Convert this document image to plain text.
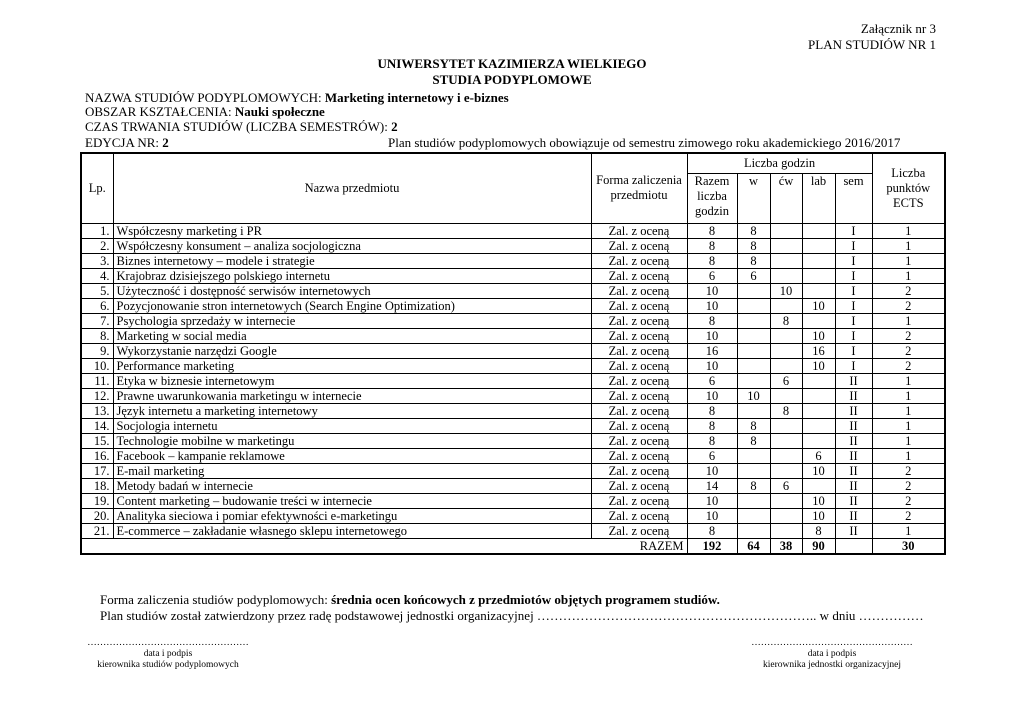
Załącznik nr 3
PLAN STUDIÓW NR 1
UNIWERSYTET KAZIMIERZA WIELKIEGO
STUDIA PODYPLOMOWE
NAZWA STUDIÓW PODYPLOMOWYCH: Marketing internetowy i e-biznes
OBSZAR KSZTAŁCENIA: Nauki społeczne
CZAS TRWANIA STUDIÓW (LICZBA SEMESTRÓW): 2
EDYCJA NR: 2	Plan studiów podyplomowych obowiązuje od semestru zimowego roku akademickiego 2016/2017
Lp.	Nazwa przedmiotu	Forma zaliczenia przedmiotu	Liczba godzin					Liczba punktów ECTS
			Razem liczba godzin	w	ćw	lab	sem	
1.	Współczesny marketing i PR	Zal. z oceną	8	8			I	1
2.	Współczesny konsument – analiza socjologiczna	Zal. z oceną	8	8			I	1
3.	Biznes internetowy – modele i strategie	Zal. z oceną	8	8			I	1
4.	Krajobraz dzisiejszego polskiego internetu	Zal. z oceną	6	6			I	1
5.	Użyteczność i dostępność serwisów internetowych	Zal. z oceną	10		10		I	2
6.	Pozycjonowanie stron internetowych (Search Engine Optimization)	Zal. z oceną	10			10	I	2
7.	Psychologia sprzedaży w internecie	Zal. z oceną	8		8		I	1
8.	Marketing w social media	Zal. z oceną	10			10	I	2
9.	Wykorzystanie narzędzi Google	Zal. z oceną	16			16	I	2
10.	Performance marketing	Zal. z oceną	10			10	I	2
11.	Etyka w biznesie internetowym	Zal. z oceną	6		6		II	1
12.	Prawne uwarunkowania marketingu w internecie	Zal. z oceną	10	10			II	1
13.	Język internetu a marketing internetowy	Zal. z oceną	8		8		II	1
14.	Socjologia internetu	Zal. z oceną	8	8			II	1
15.	Technologie mobilne w marketingu	Zal. z oceną	8	8			II	1
16.	Facebook – kampanie reklamowe	Zal. z oceną	6			6	II	1
17.	E-mail marketing	Zal. z oceną	10			10	II	2
18.	Metody badań w internecie	Zal. z oceną	14	8	6		II	2
19.	Content marketing – budowanie treści w internecie	Zal. z oceną	10			10	II	2
20.	Analityka sieciowa i pomiar efektywności e-marketingu	Zal. z oceną	10			10	II	2
21.	E-commerce – zakładanie własnego sklepu internetowego	Zal. z oceną	8			8	II	1
RAZEM			192	64	38	90		30
Forma zaliczenia studiów podyplomowych: średnia ocen końcowych z przedmiotów objętych programem studiów.
Plan studiów został zatwierdzony przez radę podstawowej jednostki organizacyjnej ……………………………………………………….. w dniu ……………
……………………………………………
data i podpis
kierownika studiów podyplomowych
……………………………………………
data i podpis
kierownika jednostki organizacyjnej
